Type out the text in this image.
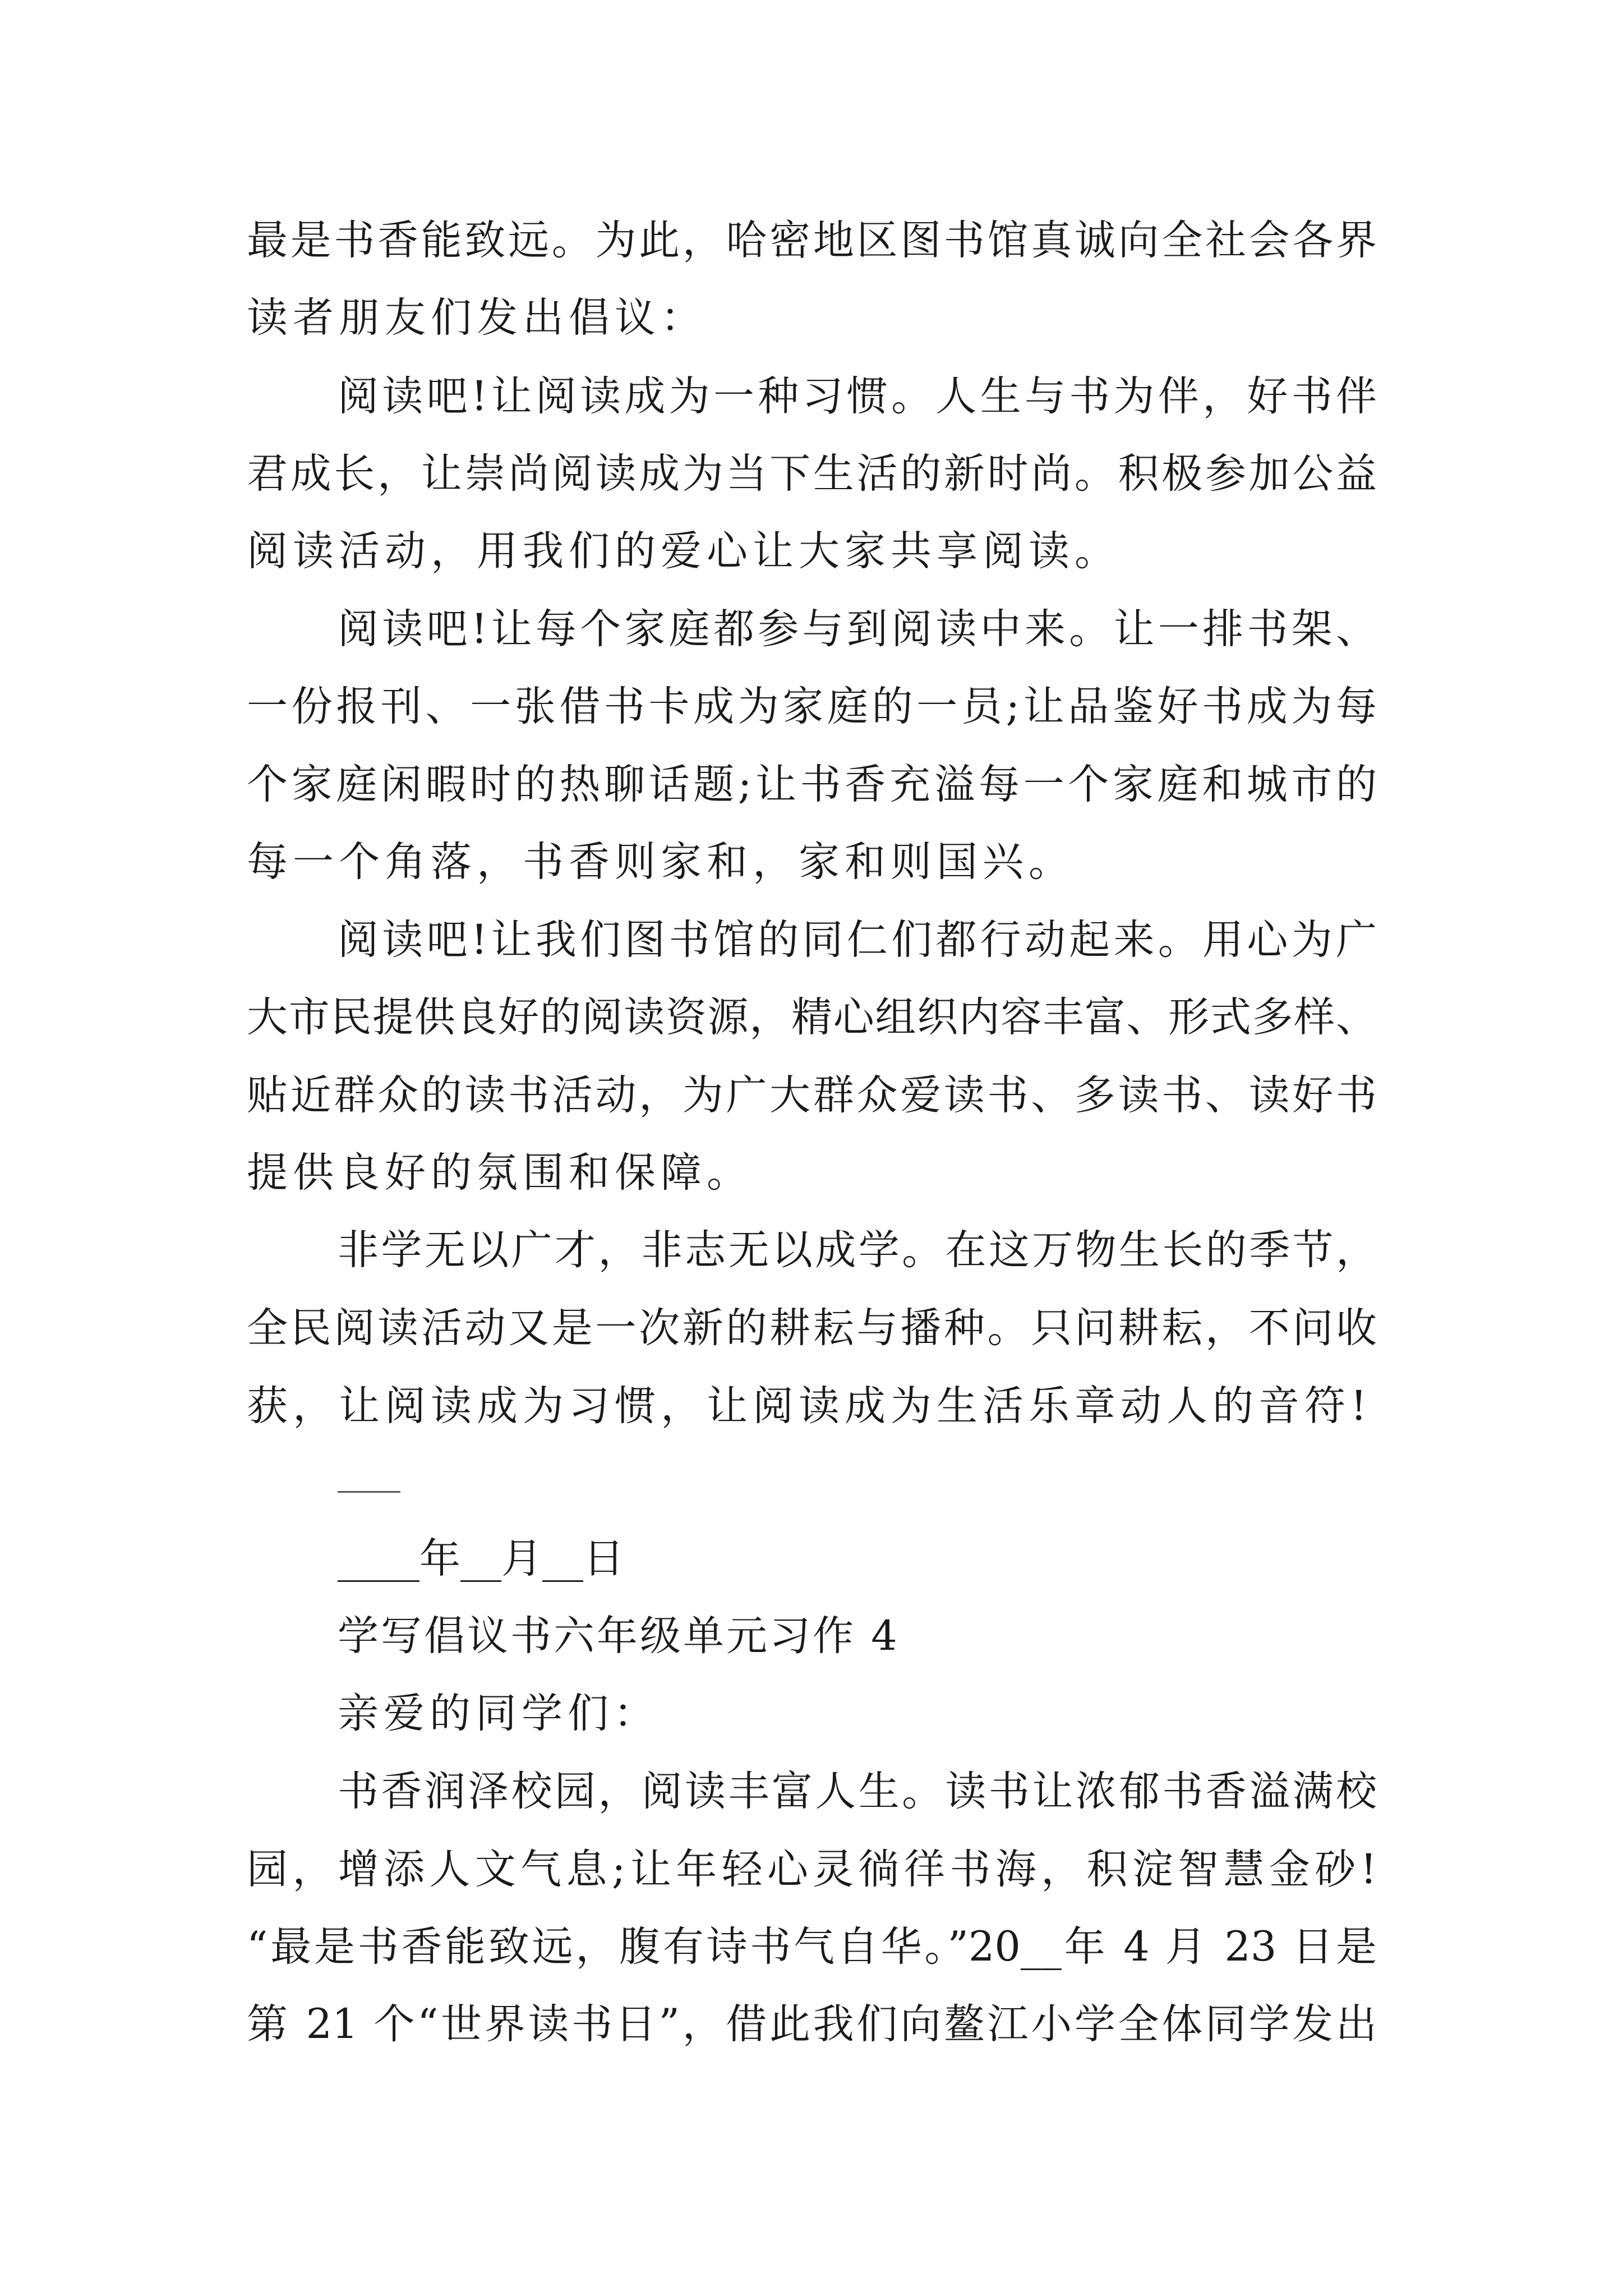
最是书香能致远。为此，哈密地区图书馆真诚向全社会各界
读者朋友们发出倡议：
阅读吧!让阅读成为一种习惯。人生与书为伴，好书伴
君成长，让崇尚阅读成为当下生活的新时尚。积极参加公益
阅读活动，用我们的爱心让大家共享阅读。
阅读吧!让每个家庭都参与到阅读中来。让一排书架、
一份报刊、一张借书卡成为家庭的一员;让品鉴好书成为每
个家庭闲暇时的热聊话题;让书香充溢每一个家庭和城市的
每一个角落，书香则家和，家和则国兴。
阅读吧!让我们图书馆的同仁们都行动起来。用心为广
大市民提供良好的阅读资源，精心组织内容丰富、形式多样、
贴近群众的读书活动，为广大群众爱读书、多读书、读好书
提供良好的氛围和保障。
非学无以广才，非志无以成学。在这万物生长的季节，
全民阅读活动又是一次新的耕耘与播种。只问耕耘，不问收
获，让阅读成为习惯，让阅读成为生活乐章动人的音符!
____年__月__日
学写倡议书六年级单元习作 4
亲爱的同学们：
书香润泽校园，阅读丰富人生。读书让浓郁书香溢满校
园，增添人文气息;让年轻心灵徜徉书海，积淀智慧金砂!
“最是书香能致远，腹有诗书气自华。”20__年 4 月 23 日是
第 21 个“世界读书日”，借此我们向鳌江小学全体同学发出
